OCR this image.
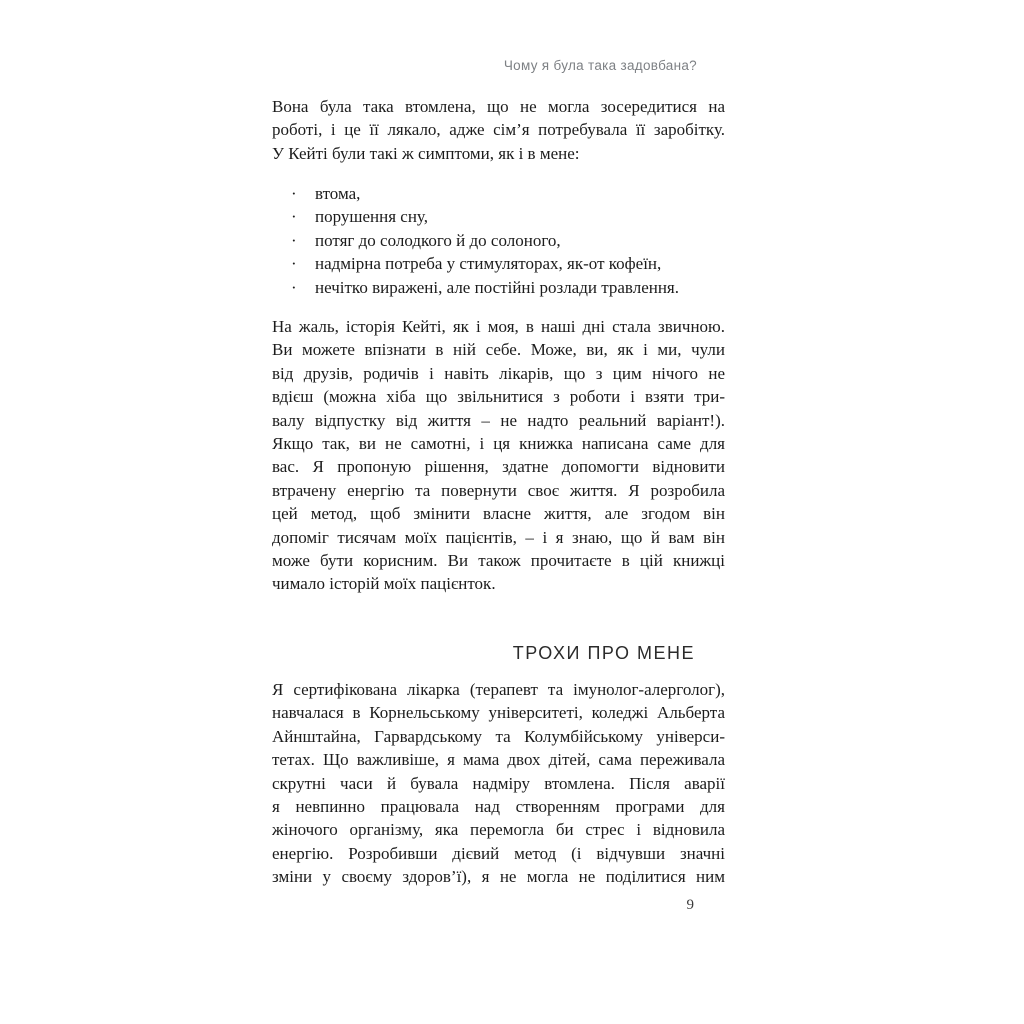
Чому я була така задовбана?
Вона була така втомлена, що не могла зосередитися на
роботі, і це її лякало, адже сім’я потребувала її заробітку.
У Кейті були такі ж симптоми, як і в мене:
·	втома,
·	порушення сну,
·	потяг до солодкого й до солоного,
·	надмірна потреба у стимуляторах, як-от кофеїн,
·	нечітко виражені, але постійні розлади травлення.
На жаль, історія Кейті, як і моя, в наші дні стала звичною.
Ви можете впізнати в ній себе. Може, ви, як і ми, чули
від друзів, родичів і навіть лікарів, що з цим нічого не
вдієш (можна хіба що звільнитися з роботи і взяти три-
валу відпустку від життя – не надто реальний варіант!).
Якщо так, ви не самотні, і ця книжка написана саме для
вас. Я пропоную рішення, здатне допомогти відновити
втрачену енергію та повернути своє життя. Я розробила
цей метод, щоб змінити власне життя, але згодом він
допоміг тисячам моїх пацієнтів, – і я знаю, що й вам він
може бути корисним. Ви також прочитаєте в цій книжці
чимало історій моїх пацієнток.
ТРОХИ ПРО МЕНЕ
Я сертифікована лікарка (терапевт та імунолог-алерголог),
навчалася в Корнельському університеті, коледжі Альберта
Айнштайна, Гарвардському та Колумбійському універси-
тетах. Що важливіше, я мама двох дітей, сама переживала
скрутні часи й бувала надміру втомлена. Після аварії
я невпинно працювала над створенням програми для
жіночого організму, яка перемогла би стрес і відновила
енергію. Розробивши дієвий метод (і відчувши значні
зміни у своєму здоров’ї), я не могла не поділитися ним
9
